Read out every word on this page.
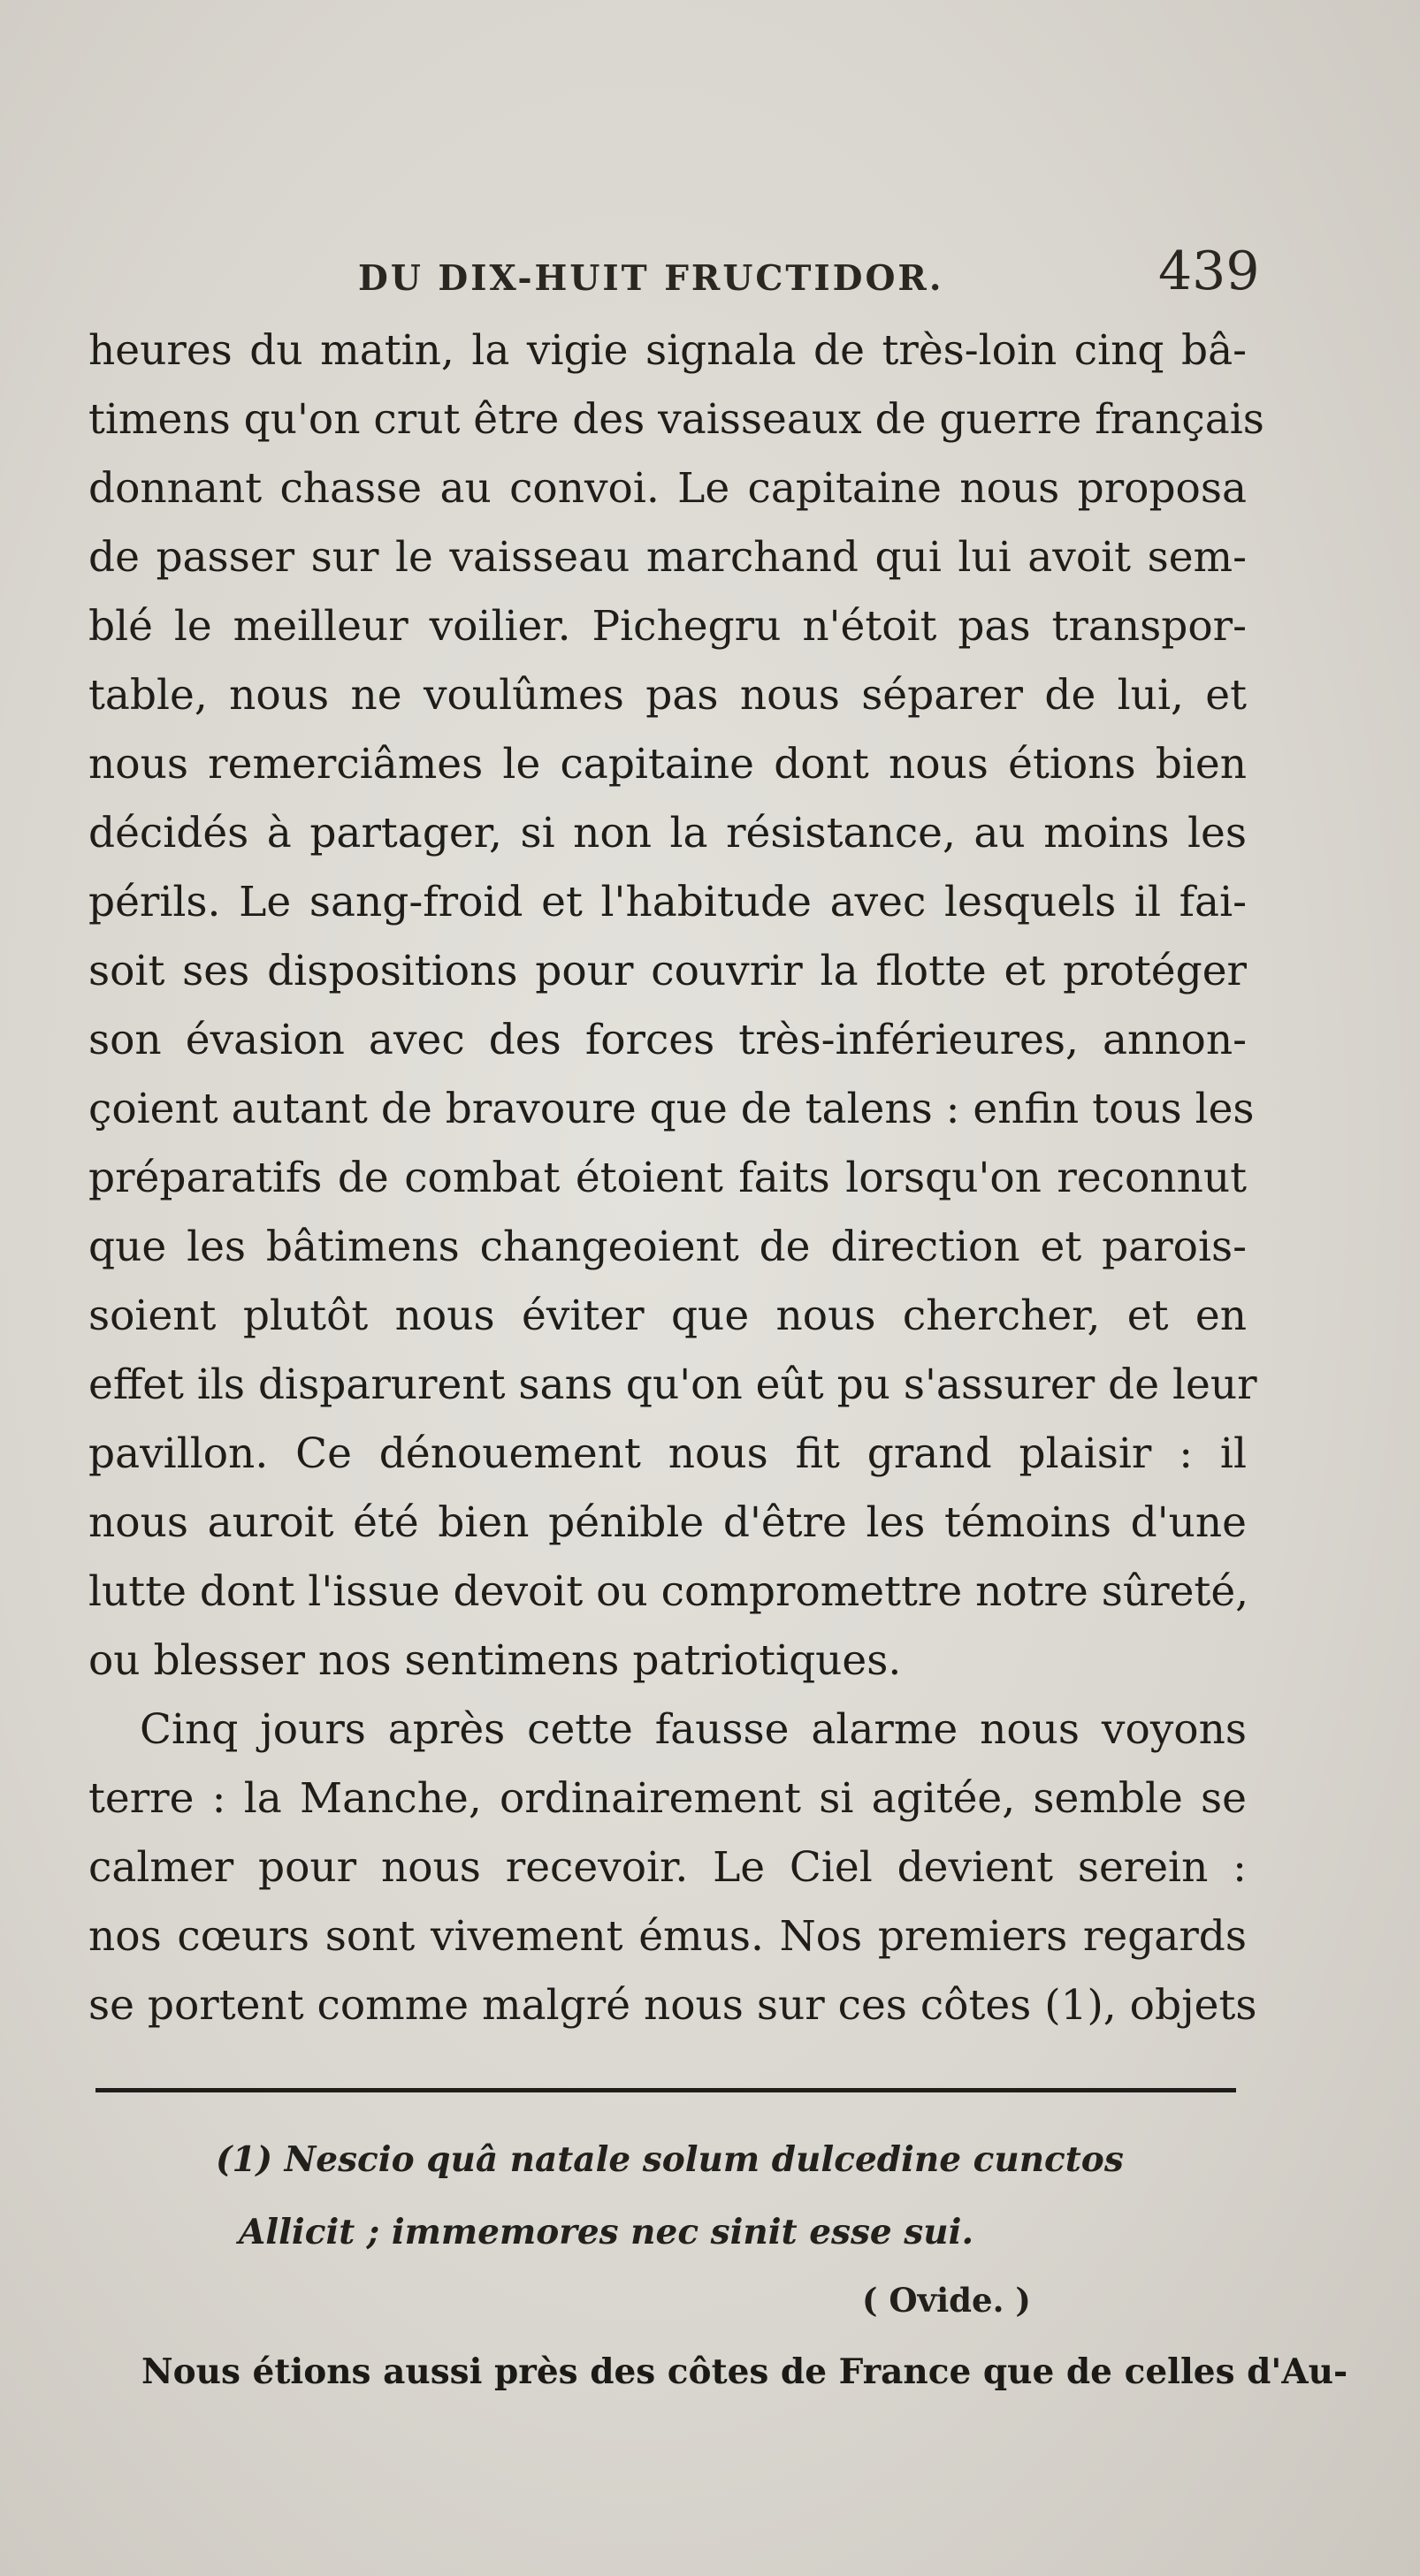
DU DIX-HUIT FRUCTIDOR.	439
heures du matin, la vigie signala de très-loin cinq bâ-
timens qu'on crut être des vaisseaux de guerre français
donnant chasse au convoi. Le capitaine nous proposa
de passer sur le vaisseau marchand qui lui avoit sem-
blé le meilleur voilier. Pichegru n'étoit pas transpor-
table, nous ne voulûmes pas nous séparer de lui, et
nous remerciâmes le capitaine dont nous étions bien
décidés à partager, si non la résistance, au moins les
périls. Le sang-froid et l'habitude avec lesquels il fai-
soit ses dispositions pour couvrir la flotte et protéger
son évasion avec des forces très-inférieures, annon-
çoient autant de bravoure que de talens : enfin tous les
préparatifs de combat étoient faits lorsqu'on reconnut
que les bâtimens changeoient de direction et parois-
soient plutôt nous éviter que nous chercher, et en
effet ils disparurent sans qu'on eût pu s'assurer de leur
pavillon. Ce dénouement nous fit grand plaisir : il
nous auroit été bien pénible d'être les témoins d'une
lutte dont l'issue devoit ou compromettre notre sûreté,
ou blesser nos sentimens patriotiques.
Cinq jours après cette fausse alarme nous voyons
terre : la Manche, ordinairement si agitée, semble se
calmer pour nous recevoir. Le Ciel devient serein :
nos cœurs sont vivement émus. Nos premiers regards
se portent comme malgré nous sur ces côtes (1), objets
(1) Nescio quâ natale solum dulcedine cunctos
Allicit ; immemores nec sinit esse sui.
( Ovide. )
Nous étions aussi près des côtes de France que de celles d'Au-
